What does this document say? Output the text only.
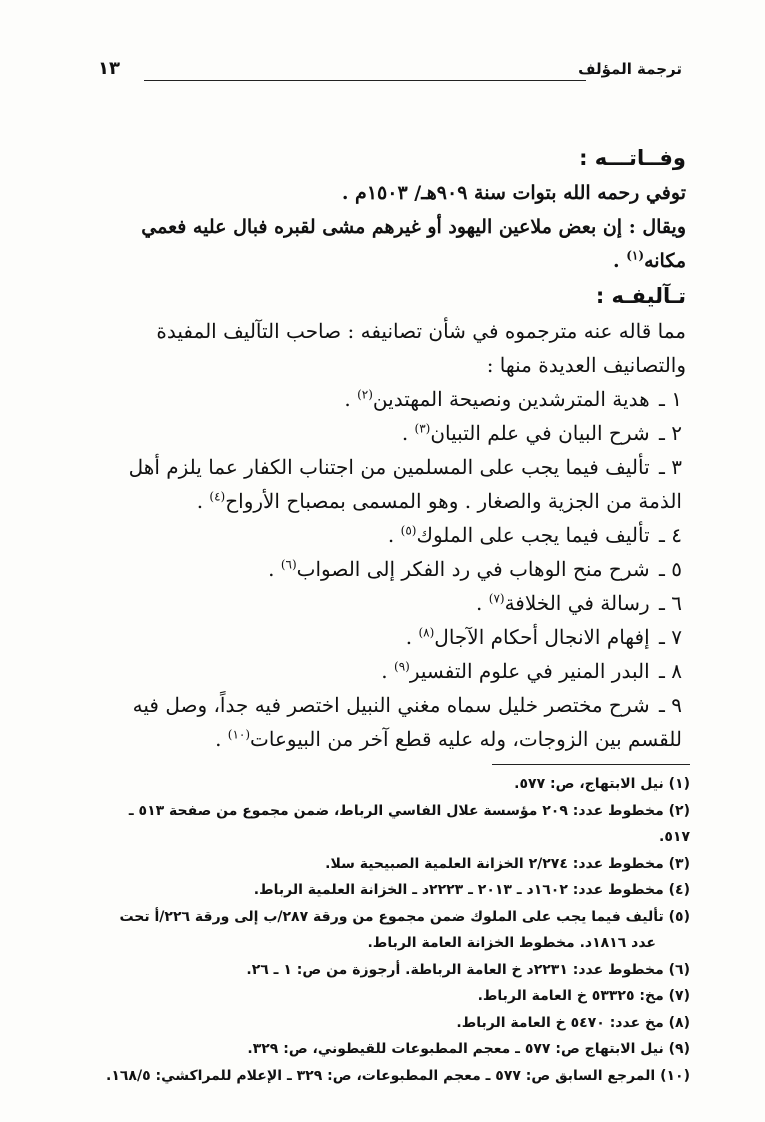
ترجمة المؤلف
١٣
وفــاتـــه :

توفي رحمه الله بتوات سنة ٩٠٩هـ/ ١٥٠٣م .

ويقال : إن بعض ملاعين اليهود أو غيرهم مشى لقبره فبال عليه فعمي مكانه$^{(١)}$ .

تـآليفـه :

مما قاله عنه مترجموه في شأن تصانيفه : صاحب التآليف المفيدة والتصانيف العديدة منها :

١ ـ هدية المترشدين ونصيحة المهتدين$^{(٢)}$ .
٢ ـ شرح البيان في علم التبيان$^{(٣)}$ .
٣ ـ تأليف فيما يجب على المسلمين من اجتناب الكفار عما يلزم أهل الذمة من الجزية والصغار . وهو المسمى بمصباح الأرواح$^{(٤)}$ .
٤ ـ تأليف فيما يجب على الملوك$^{(٥)}$ .
٥ ـ شرح منح الوهاب في رد الفكر إلى الصواب$^{(٦)}$ .
٦ ـ رسالة في الخلافة$^{(٧)}$ .
٧ ـ إفهام الانجال أحكام الآجال$^{(٨)}$ .
٨ ـ البدر المنير في علوم التفسير$^{(٩)}$ .
٩ ـ شرح مختصر خليل سماه مغني النبيل اختصر فيه جداً، وصل فيه للقسم بين الزوجات، وله عليه قطع آخر من البيوعات$^{(١٠)}$ .
(١) نيل الابتهاج، ص: ٥٧٧.
(٢) مخطوط عدد: ٢٠٩ مؤسسة علال الفاسي الرباط، ضمن مجموع من صفحة ٥١٣ ـ ٥١٧.
(٣) مخطوط عدد: ٢/٢٧٤ الخزانة العلمية الصبيحية سلا.
(٤) مخطوط عدد: ١٦٠٢د ـ ٢٠١٣ ـ ٢٢٢٣د ـ الخزانة العلمية الرباط.
(٥) تأليف فيما يجب على الملوك ضمن مجموع من ورقة ٢٨٧/ب إلى ورقة ٢٢٦/أ تحت
عدد ١٨١٦د. مخطوط الخزانة العامة الرباط.
(٦) مخطوط عدد: ٢٢٣١د خ العامة الرباطة. أرجوزة من ص: ١ ـ ٢٦.
(٧) مخ: ٥٣٣٢٥ خ العامة الرباط.
(٨) مخ عدد: ٥٤٧٠ خ العامة الرباط.
(٩) نيل الابتهاج ص: ٥٧٧ ـ معجم المطبوعات للقيطوني، ص: ٣٢٩.
(١٠) المرجع السابق ص: ٥٧٧ ـ معجم المطبوعات، ص: ٣٢٩ ـ الإعلام للمراكشي: ١٦٨/٥.
